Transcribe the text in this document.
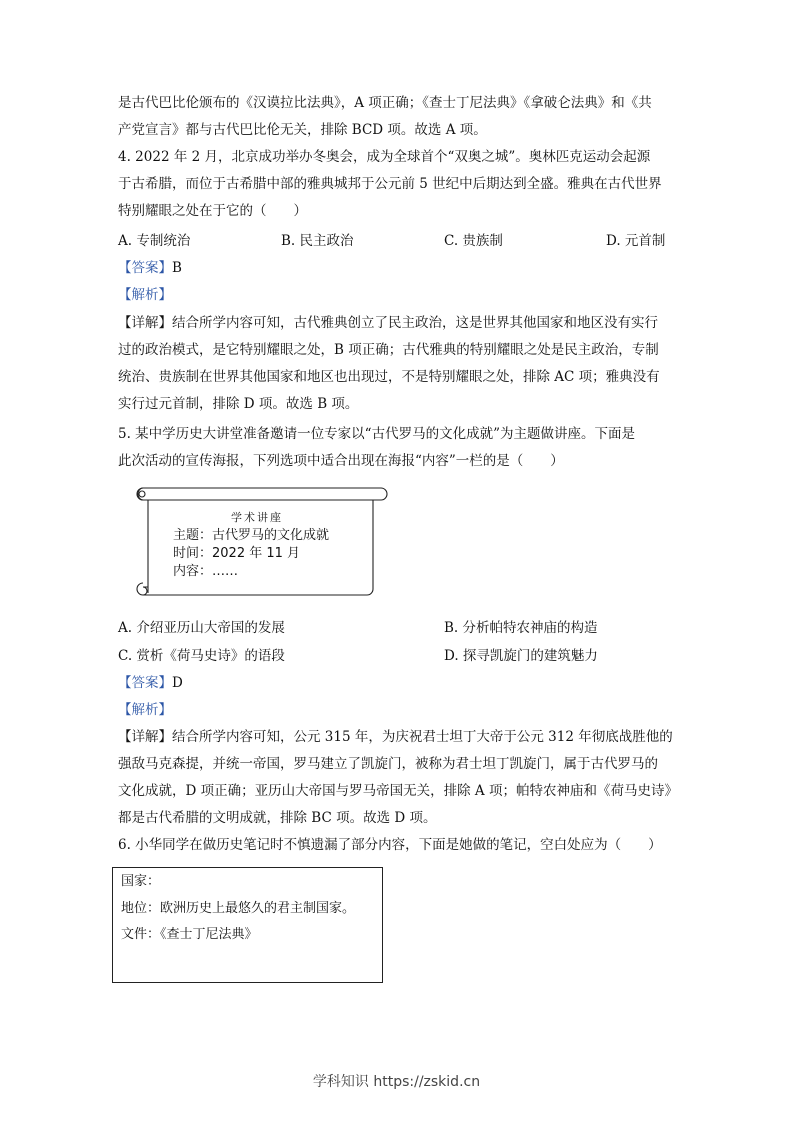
是古代巴比伦颁布的《汉谟拉比法典》，A 项正确；《查士丁尼法典》《拿破仑法典》和《共
产党宣言》都与古代巴比伦无关，排除 BCD 项。故选 A 项。
4. 2022 年 2 月，北京成功举办冬奥会，成为全球首个“双奥之城”。奥林匹克运动会起源
于古希腊，而位于古希腊中部的雅典城邦于公元前 5 世纪中后期达到全盛。雅典在古代世界
特别耀眼之处在于它的（　　）
A. 专制统治	B. 民主政治	C. 贵族制	D. 元首制
【答案】B
【解析】
【详解】结合所学内容可知，古代雅典创立了民主政治，这是世界其他国家和地区没有实行
过的政治模式，是它特别耀眼之处，B 项正确；古代雅典的特别耀眼之处是民主政治，专制
统治、贵族制在世界其他国家和地区也出现过，不是特别耀眼之处，排除 AC 项；雅典没有
实行过元首制，排除 D 项。故选 B 项。
5. 某中学历史大讲堂准备邀请一位专家以“古代罗马的文化成就”为主题做讲座。下面是
此次活动的宣传海报，下列选项中适合出现在海报“内容”一栏的是（　　）
学术讲座
主题：古代罗马的文化成就
时间：2022 年 11 月
内容：……
A. 介绍亚历山大帝国的发展	B. 分析帕特农神庙的构造
C. 赏析《荷马史诗》的语段	D. 探寻凯旋门的建筑魅力
【答案】D
【解析】
【详解】结合所学内容可知，公元 315 年，为庆祝君士坦丁大帝于公元 312 年彻底战胜他的
强敌马克森提，并统一帝国，罗马建立了凯旋门，被称为君士坦丁凯旋门，属于古代罗马的
文化成就，D 项正确；亚历山大帝国与罗马帝国无关，排除 A 项；帕特农神庙和《荷马史诗》
都是古代希腊的文明成就，排除 BC 项。故选 D 项。
6. 小华同学在做历史笔记时不慎遗漏了部分内容，下面是她做的笔记，空白处应为（　　）
国家：
地位：欧洲历史上最悠久的君主制国家。
文件：《查士丁尼法典》
学科知识 https://zskid.cn
